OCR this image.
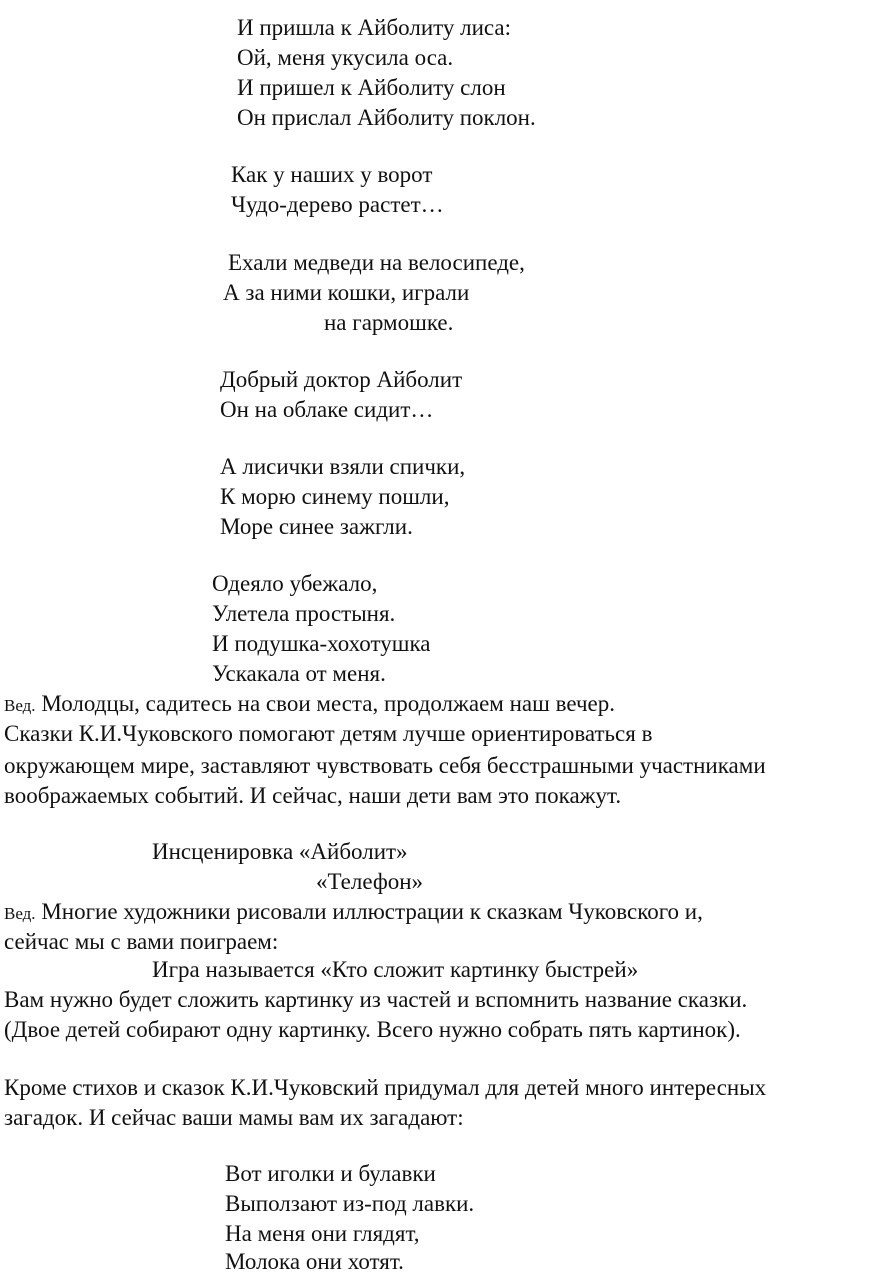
И пришла к Айболиту лиса:
Ой, меня укусила оса.
И пришел к Айболиту слон
Он прислал Айболиту поклон.
Как у наших у ворот
Чудо-дерево растет…
Ехали медведи на велосипеде,
А за ними кошки, играли
на гармошке.
Добрый доктор Айболит
Он на облаке сидит…
А лисички взяли спички,
К морю синему пошли,
Море синее зажгли.
Одеяло убежало,
Улетела простыня.
И подушка-хохотушка
Ускакала от меня.
Вед. Молодцы, садитесь на свои места, продолжаем наш вечер.
Сказки К.И.Чуковского помогают детям лучше ориентироваться в
окружающем мире, заставляют чувствовать себя бесстрашными участниками
воображаемых событий. И сейчас, наши дети вам это покажут.
Инсценировка «Айболит»
«Телефон»
Вед. Многие художники рисовали иллюстрации к сказкам Чуковского и,
сейчас мы с вами поиграем:
Игра называется «Кто сложит картинку быстрей»
Вам нужно будет сложить картинку из частей и вспомнить название сказки.
(Двое детей собирают одну картинку. Всего нужно собрать пять картинок).
Кроме стихов и сказок К.И.Чуковский придумал для детей много интересных
загадок. И сейчас ваши мамы вам их загадают:
Вот иголки и булавки
Выползают из-под лавки.
На меня они глядят,
Молока они хотят.
